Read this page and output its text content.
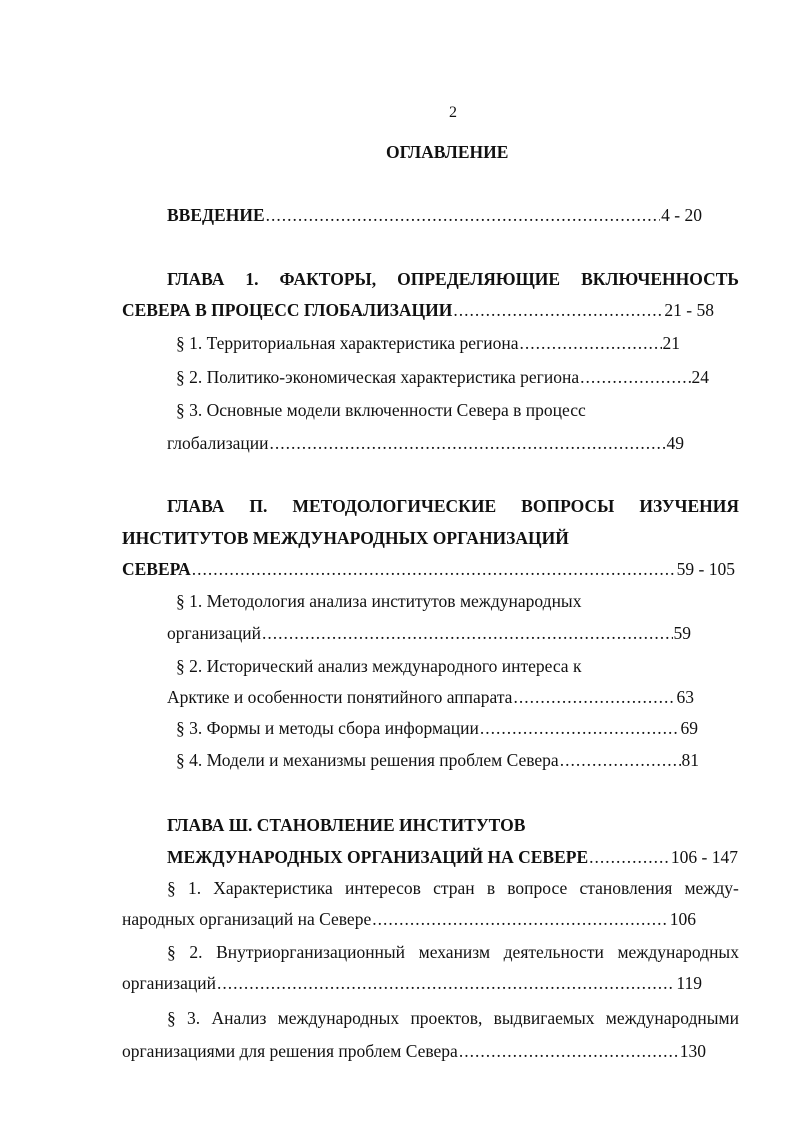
2
ОГЛАВЛЕНИЕ
ВВЕДЕНИЕ .....	4 - 20
ГЛАВА 1. ФАКТОРЫ, ОПРЕДЕЛЯЮЩИЕ ВКЛЮЧЕННОСТЬ
СЕВЕРА В ПРОЦЕСС ГЛОБАЛИЗАЦИИ .....	21 - 58
§ 1. Территориальная характеристика региона .....	21
§ 2. Политико-экономическая характеристика региона .....	24
§ 3. Основные модели включенности Севера в процесс
глобализации .....	49
ГЛАВА П. МЕТОДОЛОГИЧЕСКИЕ ВОПРОСЫ ИЗУЧЕНИЯ
ИНСТИТУТОВ МЕЖДУНАРОДНЫХ ОРГАНИЗАЦИЙ
СЕВЕРА .....	59 - 105
§ 1. Методология анализа институтов международных
организаций .....	59
§ 2. Исторический анализ международного интереса к
Арктике и особенности понятийного аппарата .....	63
§ 3. Формы и методы сбора информации .....	69
§ 4. Модели и механизмы решения проблем Севера .....	81
ГЛАВА Ш. СТАНОВЛЕНИЕ ИНСТИТУТОВ
МЕЖДУНАРОДНЫХ ОРГАНИЗАЦИЙ НА СЕВЕРЕ .....	106 - 147
§ 1. Характеристика интересов стран в вопросе становления между-
народных организаций на Севере .....	106
§ 2. Внутриорганизационный механизм деятельности международных
организаций .....	119
§ 3. Анализ международных проектов, выдвигаемых международными
организациями для решения проблем Севера .....	130
